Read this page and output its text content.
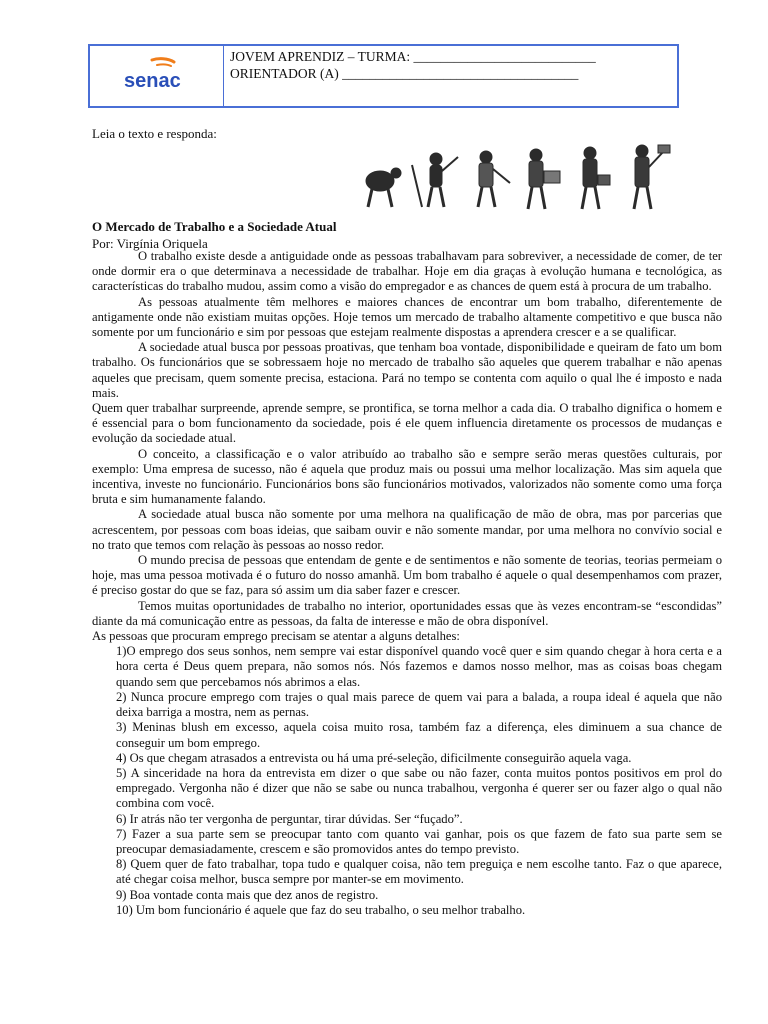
senac
JOVEM APRENDIZ – TURMA: ___________________________
ORIENTADOR (A) ___________________________________
Leia o texto e responda:
O Mercado de Trabalho e a Sociedade Atual
Por: Virgínia Oriquela

O trabalho existe desde a antiguidade onde as pessoas trabalhavam para sobreviver, a necessidade de comer, de ter onde dormir era o que determinava a necessidade de trabalhar. Hoje em dia graças à evolução humana e tecnológica, as características do trabalho mudou, assim como a visão do empregador e as chances de quem está à procura de um trabalho.

As pessoas atualmente têm melhores e maiores chances de encontrar um bom trabalho, diferentemente de antigamente onde não existiam muitas opções. Hoje temos um mercado de trabalho altamente competitivo e que busca não somente por um funcionário e sim por pessoas que estejam realmente dispostas a aprendera crescer e a se qualificar.

A sociedade atual busca por pessoas proativas, que tenham boa vontade, disponibilidade e queiram de fato um bom trabalho. Os funcionários que se sobressaem hoje no mercado de trabalho são aqueles que querem trabalhar e não apenas aqueles que precisam, quem somente precisa, estaciona. Pará no tempo se contenta com aquilo o qual lhe é imposto e nada mais.

Quem quer trabalhar surpreende, aprende sempre, se prontifica, se torna melhor a cada dia. O trabalho dignifica o homem e é essencial para o bom funcionamento da sociedade, pois é ele quem influencia diretamente os processos de mudanças e evolução da sociedade atual.

O conceito, a classificação e o valor atribuído ao trabalho são e sempre serão meras questões culturais, por exemplo: Uma empresa de sucesso, não é aquela que produz mais ou possui uma melhor localização. Mas sim aquela que incentiva, investe no funcionário. Funcionários bons são funcionários motivados, valorizados não somente como uma força bruta e sim humanamente falando.

A sociedade atual busca não somente por uma melhora na qualificação de mão de obra, mas por parcerias que acrescentem, por pessoas com boas ideias, que saibam ouvir e não somente mandar, por uma melhora no convívio social e no trato que temos com relação às pessoas ao nosso redor.

O mundo precisa de pessoas que entendam de gente e de sentimentos e não somente de teorias, teorias permeiam o hoje, mas uma pessoa motivada é o futuro do nosso amanhã. Um bom trabalho é aquele o qual desempenhamos com prazer, é preciso gostar do que se faz, para só assim um dia saber fazer e crescer.

Temos muitas oportunidades de trabalho no interior, oportunidades essas que às vezes encontram-se “escondidas” diante da má comunicação entre as pessoas, da falta de interesse e mão de obra disponível.

As pessoas que procuram emprego precisam se atentar a alguns detalhes:

1)O emprego dos seus sonhos, nem sempre vai estar disponível quando você quer e sim quando chegar à hora certa e a hora certa é Deus quem prepara, não somos nós. Nós fazemos e damos nosso melhor, mas as coisas boas chegam quando sem que percebamos nós abrimos a elas.
2) Nunca procure emprego com trajes o qual mais parece de quem vai para a balada, a roupa ideal é aquela que não deixa barriga a mostra, nem as pernas.
3) Meninas blush em excesso, aquela coisa muito rosa, também faz a diferença, eles diminuem a sua chance de conseguir um bom emprego.
4) Os que chegam atrasados a entrevista ou há uma pré-seleção, dificilmente conseguirão aquela vaga.
5) A sinceridade na hora da entrevista em dizer o que sabe ou não fazer, conta muitos pontos positivos em prol do empregado. Vergonha não é dizer que não se sabe ou nunca trabalhou, vergonha é querer ser ou fazer algo o qual não combina com você.
6) Ir atrás não ter vergonha de perguntar, tirar dúvidas. Ser “fuçado”.
7) Fazer a sua parte sem se preocupar tanto com quanto vai ganhar, pois os que fazem de fato sua parte sem se preocupar demasiadamente, crescem e são promovidos antes do tempo previsto.
8) Quem quer de fato trabalhar, topa tudo e qualquer coisa, não tem preguiça e nem escolhe tanto. Faz o que aparece, até chegar coisa melhor, busca sempre por manter-se em movimento.
9) Boa vontade conta mais que dez anos de registro.
10) Um bom funcionário é aquele que faz do seu trabalho, o seu melhor trabalho.
